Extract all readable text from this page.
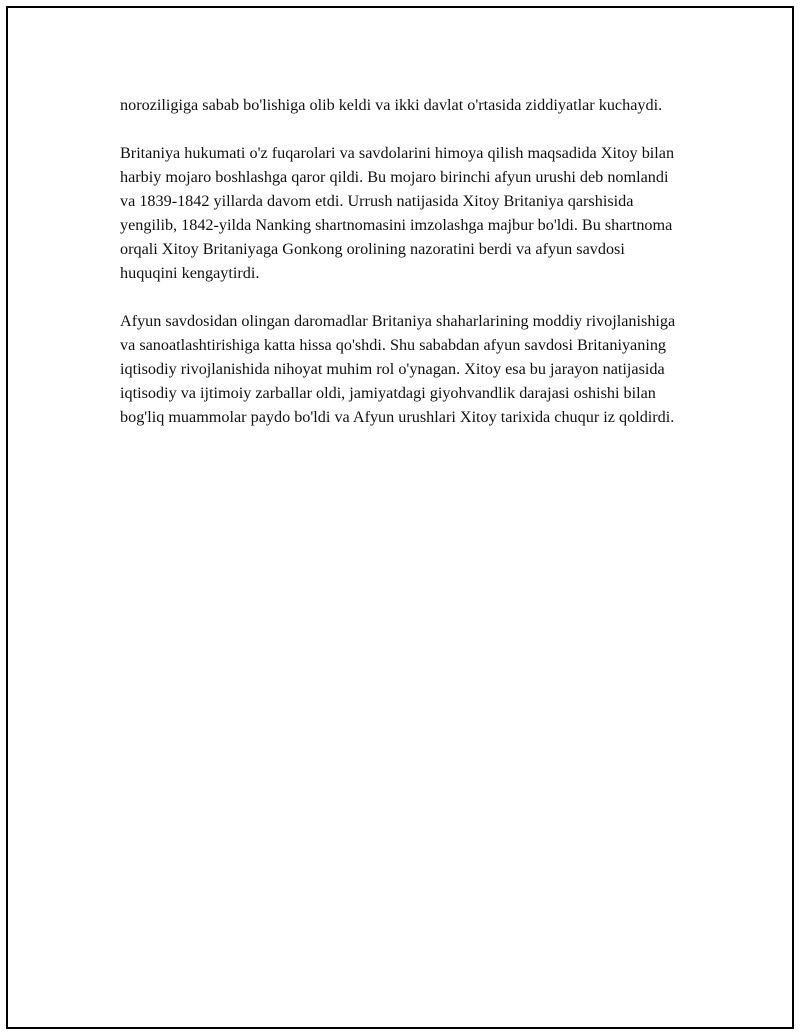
noroziligiga sabab bo'lishiga olib keldi va ikki davlat o'rtasida ziddiyatlar kuchaydi.

Britaniya hukumati o'z fuqarolari va savdolarini himoya qilish maqsadida Xitoy bilan harbiy mojaro boshlashga qaror qildi. Bu mojaro birinchi afyun urushi deb nomlandi va 1839-1842 yillarda davom etdi. Urrush natijasida Xitoy Britaniya qarshisida yengilib, 1842-yilda Nanking shartnomasini imzolashga majbur bo'ldi. Bu shartnoma orqali Xitoy Britaniyaga Gonkong orolining nazoratini berdi va afyun savdosi huquqini kengaytirdi.

Afyun savdosidan olingan daromadlar Britaniya shaharlarining moddiy rivojlanishiga va sanoatlashtirishiga katta hissa qo'shdi. Shu sababdan afyun savdosi Britaniyaning iqtisodiy rivojlanishida nihoyat muhim rol o'ynagan. Xitoy esa bu jarayon natijasida iqtisodiy va ijtimoiy zarballar oldi, jamiyatdagi giyohvandlik darajasi oshishi bilan bog'liq muammolar paydo bo'ldi va Afyun urushlari Xitoy tarixida chuqur iz qoldirdi.
